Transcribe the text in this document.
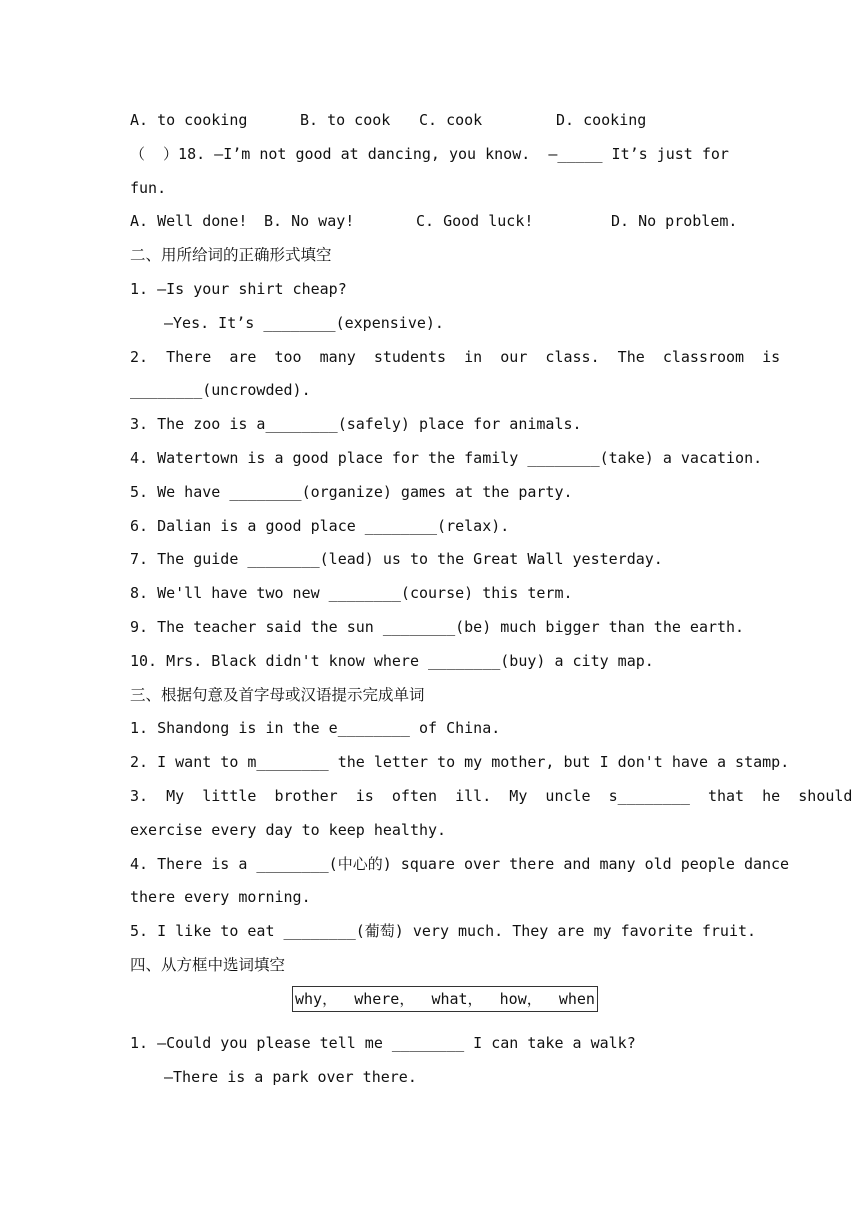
A. to cooking

	B. to cook

C. cook

	D. cooking

（  ）18. —I’m not good at dancing, you know.  —_____ It’s just for
fun.

A. Well done!

B. No way!

	C. Good luck!

	D. No problem.

二、用所给词的正确形式填空
1. —Is your shirt cheap?
—Yes. It’s ________(expensive).
2.  There  are  too  many  students  in  our  class.  The  classroom  is
________(uncrowded).
3. The zoo is a________(safely) place for animals.
4. Watertown is a good place for the family ________(take) a vacation.
5. We have ________(organize) games at the party.
6. Dalian is a good place ________(relax).
7. The guide ________(lead) us to the Great Wall yesterday.
8. We'll have two new ________(course) this term.
9. The teacher said the sun ________(be) much bigger than the earth.
10. Mrs. Black didn't know where ________(buy) a city map.
三、根据句意及首字母或汉语提示完成单词
1. Shandong is in the e________ of China.
2. I want to m________ the letter to my mother, but I don't have a stamp.
3.  My  little  brother  is  often  ill.  My  uncle  s________  that  he  should
exercise every day to keep healthy.
4. There is a ________(中心的) square over there and many old people dance
there every morning.
5. I like to eat ________(葡萄) very much. They are my favorite fruit.
四、从方框中选词填空
why， where， what， how， when
1. —Could you please tell me ________ I can take a walk?
—There is a park over there.
